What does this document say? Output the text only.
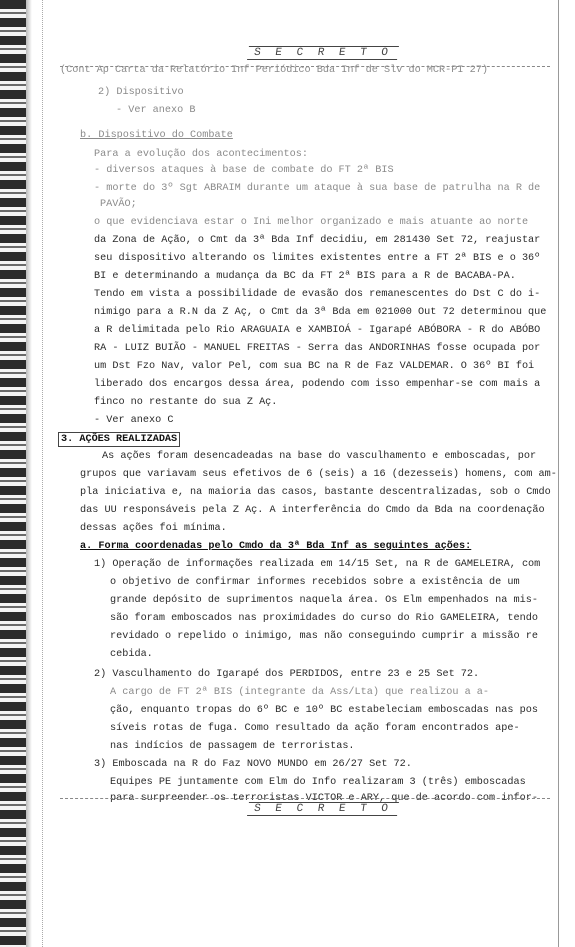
S E C R E T O
(Cont Ap Carta da Relatório Inf Periódico Bda Inf de Slv do MCR-PI 27)
2) Dispositivo
- Ver anexo B
b. Dispositivo do Combate
Para a evolução dos acontecimentos:
- diversos ataques à base de combate do FT 2ª BIS
- morte do 3º Sgt ABRAIM durante um ataque à sua base de patrulha na R de
PAVÃO;
o que evidenciava estar o Ini melhor organizado e mais atuante ao norte
da Zona de Ação, o Cmt da 3ª Bda Inf decidiu, em 281430 Set 72, reajustar
seu dispositivo alterando os limites existentes entre a FT 2ª BIS e o 36º
BI e determinando a mudança da BC da FT 2ª BIS para a R de BACABA-PA.
Tendo em vista a possibilidade de evasão dos remanescentes do Dst C do i-
nimigo para a R.N da Z Aç, o Cmt da 3ª Bda em 021000 Out 72 determinou que
a R delimitada pelo Rio ARAGUAIA e XAMBIOÁ - Igarapé ABÓBORA - R do ABÓBO
RA - LUIZ BUIÃO - MANUEL FREITAS - Serra das ANDORINHAS fosse ocupada por
um Dst Fzo Nav, valor Pel, com sua BC na R de Faz VALDEMAR. O 36º BI foi
liberado dos encargos dessa área, podendo com isso empenhar-se com mais a
finco no restante do sua Z Aç.
- Ver anexo C
3. AÇÕES REALIZADAS
As ações foram desencadeadas na base do vasculhamento e emboscadas, por
grupos que variavam seus efetivos de 6 (seis) a 16 (dezesseis) homens, com am-
pla iniciativa e, na maioria das casos, bastante descentralizadas, sob o Cmdo
das UU responsáveis pela Z Aç. A interferência do Cmdo da Bda na coordenação
dessas ações foi mínima.
a. Forma coordenadas pelo Cmdo da 3ª Bda Inf as seguintes ações:
1) Operação de informações realizada em 14/15 Set, na R de GAMELEIRA, com
o objetivo de confirmar informes recebidos sobre a existência de um
grande depósito de suprimentos naquela área. Os Elm empenhados na mis-
são foram emboscados nas proximidades do curso do Rio GAMELEIRA, tendo
revidado o repelido o inimigo, mas não conseguindo cumprir a missão re
cebida.
2) Vasculhamento do Igarapé dos PERDIDOS, entre 23 e 25 Set 72.
A cargo de FT 2ª BIS (integrante da Ass/Lta) que realizou a a-
ção, enquanto tropas do 6º BC e 10º BC estabeleciam emboscadas nas pos
síveis rotas de fuga. Como resultado da ação foram encontrados ape-
nas indícios de passagem de terroristas.
3) Emboscada na R do Faz NOVO MUNDO em 26/27 Set 72.
Equipes PE juntamente com Elm do Info realizaram 3 (três) emboscadas
para surpreender os terroristas VICTOR e ARY, que de acordo com infor-
S E C R E T O
